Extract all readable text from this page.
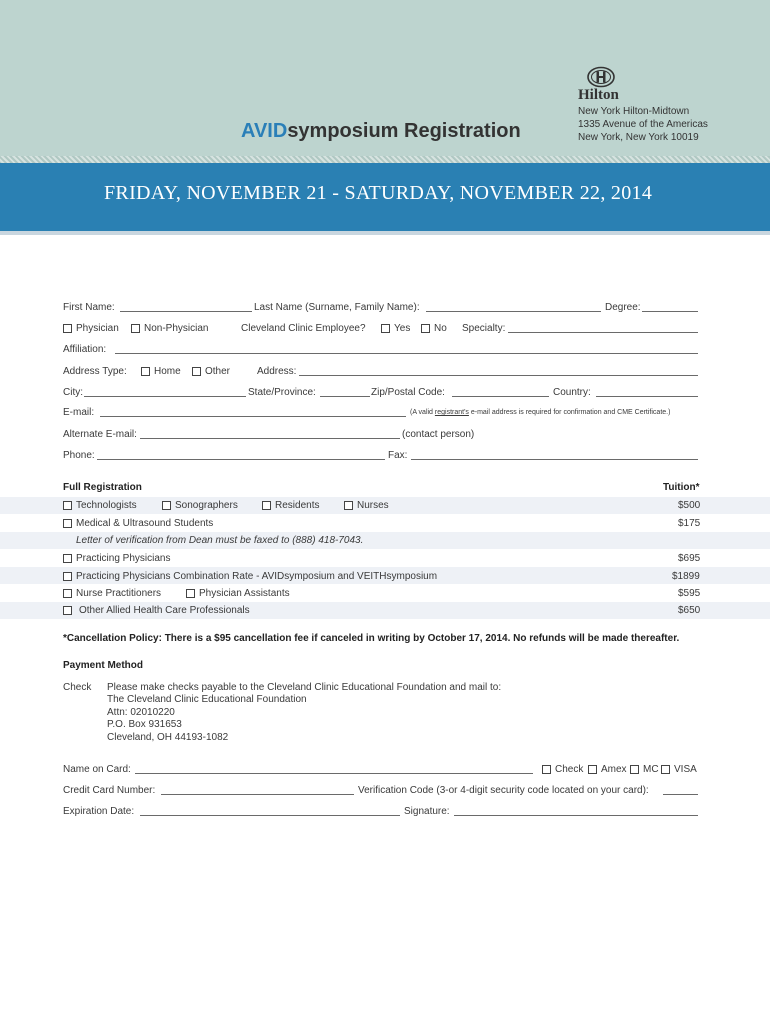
Hilton
New York Hilton-Midtown
1335 Avenue of the Americas
New York, New York 10019
AVIDsymposium Registration
FRIDAY, NOVEMBER 21 - SATURDAY, NOVEMBER 22, 2014
First Name:	Last Name (Surname, Family Name):	Degree:
Physician	Non-Physician	Cleveland Clinic Employee?	Yes No Specialty:
Affiliation:
Address Type:	Home Other	Address:
City:	State/Province:	Zip/Postal Code:	Country:
E-mail:	(A valid registrant's e-mail address is required for confirmation and CME Certificate.)
Alternate E-mail:	(contact person)
Phone:	Fax:
Full Registration	Tuition*
Technologists	Sonographers	Residents	Nurses	$500
Medical & Ultrasound Students	$175
Letter of verification from Dean must be faxed to (888) 418-7043.
Practicing Physicians	$695
Practicing Physicians Combination Rate - AVIDsymposium and VEITHsymposium	$1899
Nurse Practitioners	Physician Assistants	$595
Other Allied Health Care Professionals	$650
*Cancellation Policy: There is a $95 cancellation fee if canceled in writing by October 17, 2014. No refunds will be made thereafter.
Payment Method
Check Please make checks payable to the Cleveland Clinic Educational Foundation and mail to:
The Cleveland Clinic Educational Foundation
Attn: 02010220
P.O. Box 931653
Cleveland, OH 44193-1082
Name on Card:	Check Amex MC VISA
Credit Card Number:	Verification Code (3-or 4-digit security code located on your card):
Expiration Date:	Signature:
